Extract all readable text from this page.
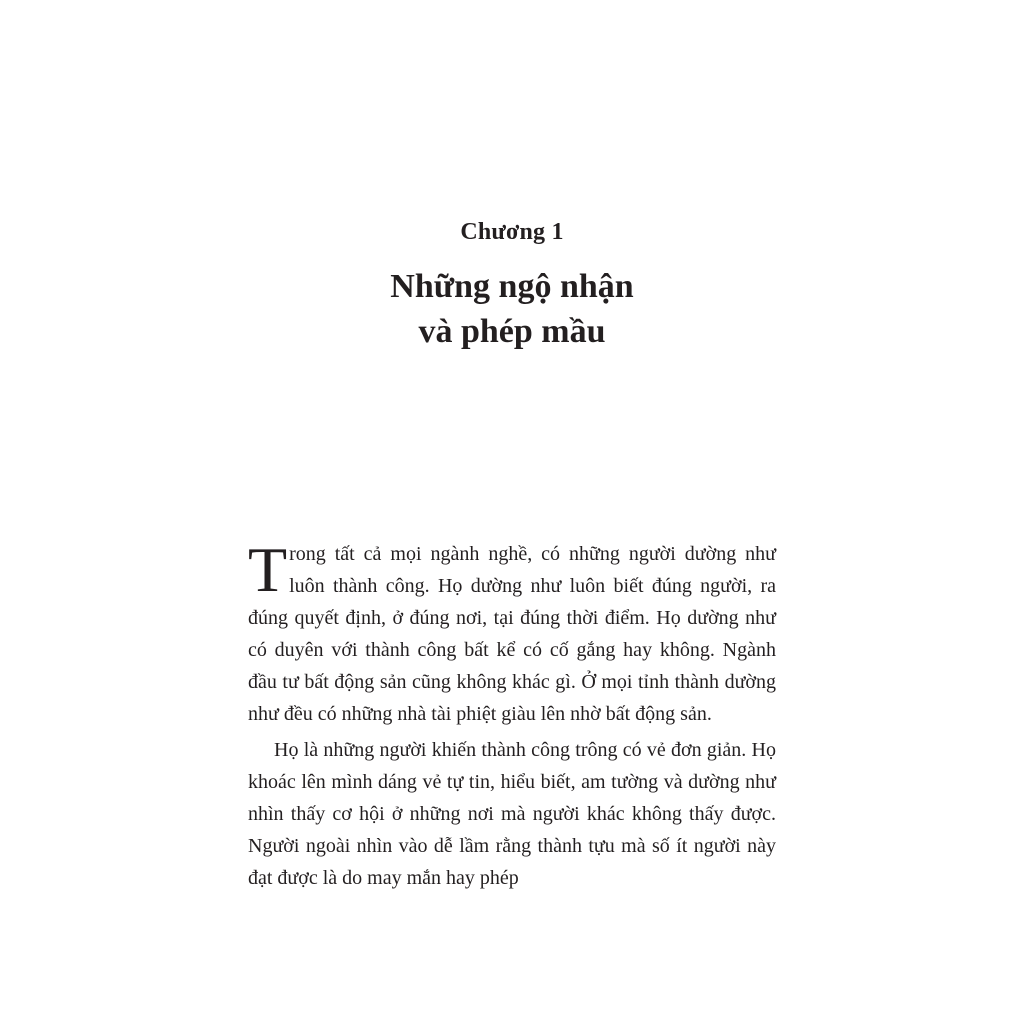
Chương 1
Những ngộ nhận
và phép mầu

Trong tất cả mọi ngành nghề, có những người dường như luôn thành công. Họ dường như luôn biết đúng người, ra đúng quyết định, ở đúng nơi, tại đúng thời điểm. Họ dường như có duyên với thành công bất kể có cố gắng hay không. Ngành đầu tư bất động sản cũng không khác gì. Ở mọi tỉnh thành dường như đều có những nhà tài phiệt giàu lên nhờ bất động sản.

Họ là những người khiến thành công trông có vẻ đơn giản. Họ khoác lên mình dáng vẻ tự tin, hiểu biết, am tường và dường như nhìn thấy cơ hội ở những nơi mà người khác không thấy được. Người ngoài nhìn vào dễ lầm rằng thành tựu mà số ít người này đạt được là do may mắn hay phép
